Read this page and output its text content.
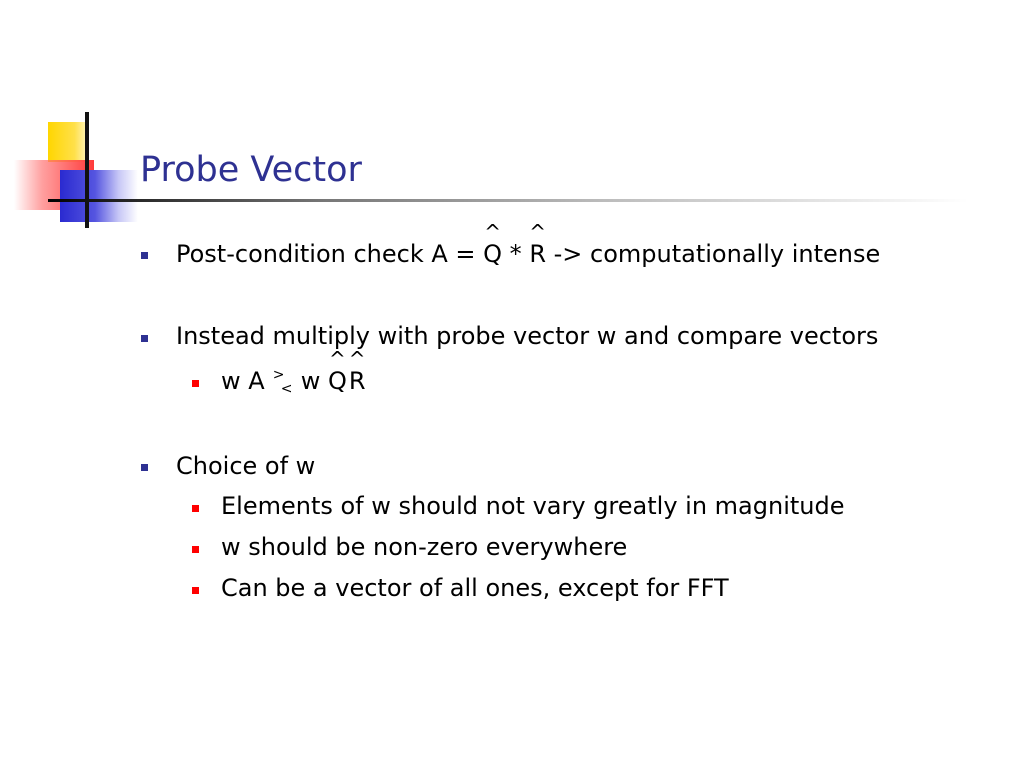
Probe Vector
Post-condition check A = ^ Q * ^ R -> computationally intense
Instead multiply with probe vector w and compare vectors
w A >
< w ^ Q^ R
Choice of w
Elements of w should not vary greatly in magnitude
w should be non-zero everywhere
Can be a vector of all ones, except for FFT
